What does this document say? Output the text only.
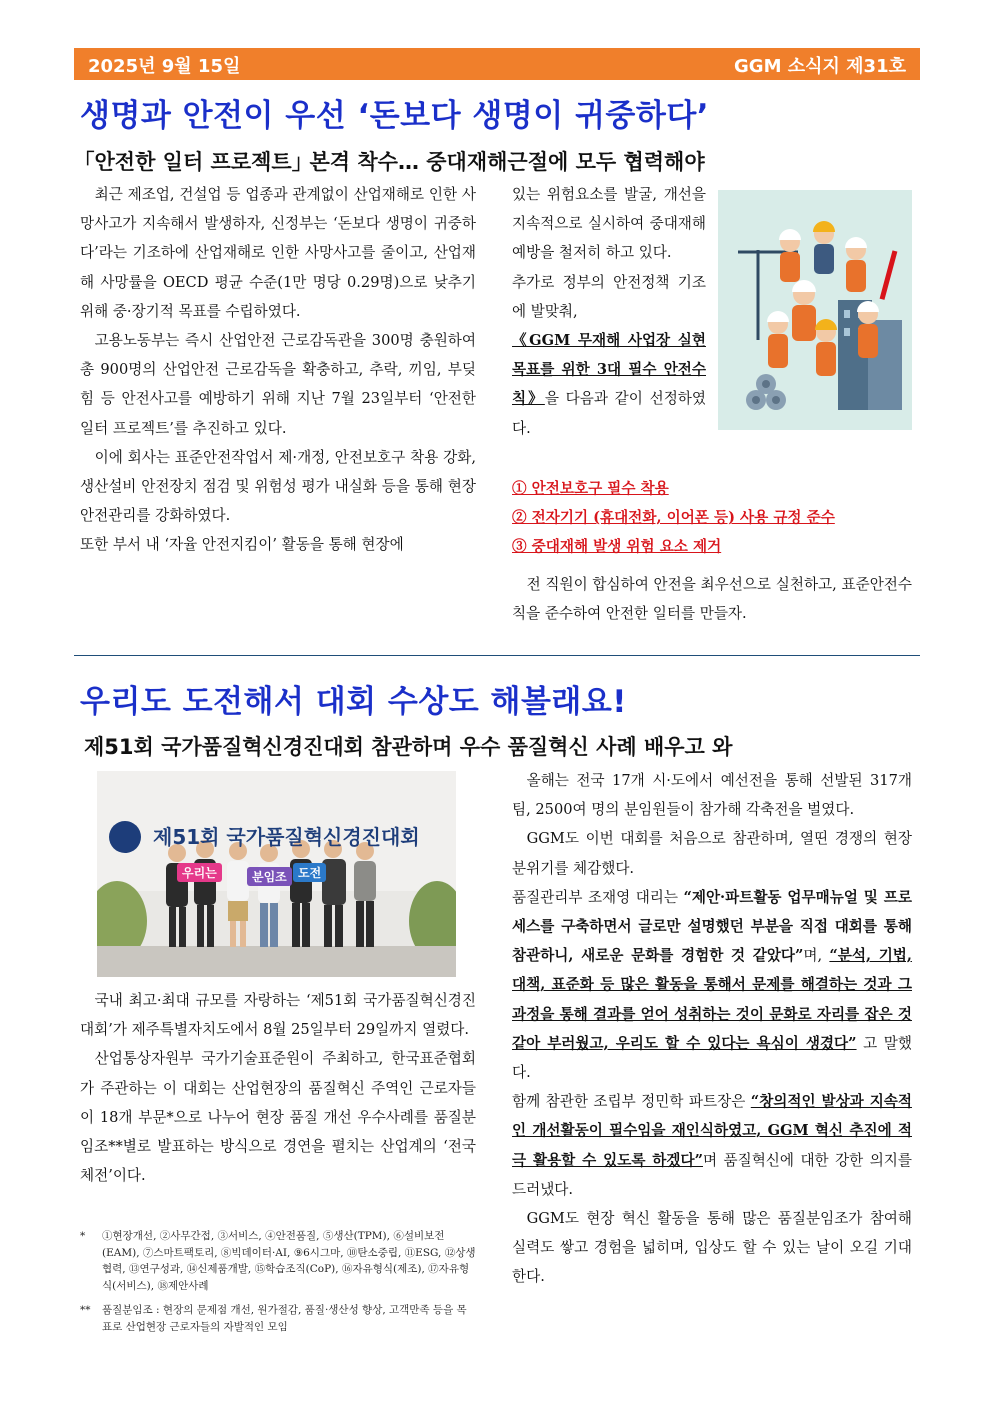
2025년 9월 15일	GGM 소식지 제31호
생명과 안전이 우선 ‘돈보다 생명이 귀중하다’
｢안전한 일터 프로젝트｣ 본격 착수… 중대재해근절에 모두 협력해야

최근 제조업, 건설업 등 업종과 관계없이 산업재해로 인한 사망사고가 지속해서 발생하자, 신정부는 ‘돈보다 생명이 귀중하다’라는 기조하에 산업재해로 인한 사망사고를 줄이고, 산업재해 사망률을 OECD 평균 수준(1만 명당 0.29명)으로 낮추기 위해 중·장기적 목표를 수립하였다.

고용노동부는 즉시 산업안전 근로감독관을 300명 충원하여 총 900명의 산업안전 근로감독을 확충하고, 추락, 끼임, 부딪힘 등 안전사고를 예방하기 위해 지난 7월 23일부터 ‘안전한 일터 프로젝트’를 추진하고 있다.

이에 회사는 표준안전작업서 제·개정, 안전보호구 착용 강화, 생산설비 안전장치 점검 및 위험성 평가 내실화 등을 통해 현장 안전관리를 강화하였다.

또한 부서 내 ‘자율 안전지킴이’ 활동을 통해 현장에

있는 위험요소를 발굴, 개선을 지속적으로 실시하여 중대재해 예방을 철저히 하고 있다.

추가로 정부의 안전정책 기조에 발맞춰,

《GGM 무재해 사업장 실현 목표를 위한 3대 필수 안전수칙》을 다음과 같이 선정하였다.

① 안전보호구 필수 착용

② 전자기기 (휴대전화, 이어폰 등) 사용 규정 준수

③ 중대재해 발생 위험 요소 제거

전 직원이 합심하여 안전을 최우선으로 실천하고, 표준안전수칙을 준수하여 안전한 일터를 만들자.

우리도 도전해서 대회 수상도 해볼래요!
제51회 국가품질혁신경진대회 참관하며 우수 품질혁신 사례 배우고 와
제51회 국가품질혁신경진대회
우리는	분임조 도전

국내 최고·최대 규모를 자랑하는 ‘제51회 국가품질혁신경진대회’가 제주특별자치도에서 8월 25일부터 29일까지 열렸다.

산업통상자원부 국가기술표준원이 주최하고, 한국표준협회가 주관하는 이 대회는 산업현장의 품질혁신 주역인 근로자들이 18개 부문*으로 나누어 현장 품질 개선 우수사례를 품질분임조**별로 발표하는 방식으로 경연을 펼치는 산업계의 ‘전국체전’이다.

*	①현장개선, ②사무간접, ③서비스, ④안전품질, ⑤생산(TPM), ⑥설비보전(EAM), ⑦스마트팩토리, ⑧빅데이터·AI, ⑨6시그마, ⑩탄소중립, ⑪ESG, ⑫상생협력, ⑬연구성과, ⑭신제품개발, ⑮학습조직(CoP), ⑯자유형식(제조), ⑰자유형식(서비스), ⑱제안사례
**	품질분임조 : 현장의 문제점 개선, 원가절감, 품질·생산성 향상, 고객만족 등을 목표로 산업현장 근로자들의 자발적인 모임

올해는 전국 17개 시·도에서 예선전을 통해 선발된 317개 팀, 2500여 명의 분임원들이 참가해 각축전을 벌였다.

GGM도 이번 대회를 처음으로 참관하며, 열띤 경쟁의 현장 분위기를 체감했다.

품질관리부 조재영 대리는 “제안·파트활동 업무매뉴얼 및 프로세스를 구축하면서 글로만 설명했던 부분을 직접 대회를 통해 참관하니, 새로운 문화를 경험한 것 같았다”며, “분석, 기법, 대책, 표준화 등 많은 활동을 통해서 문제를 해결하는 것과 그 과정을 통해 결과를 얻어 성취하는 것이 문화로 자리를 잡은 것 같아 부러웠고, 우리도 할 수 있다는 욕심이 생겼다” 고 말했다.

함께 참관한 조립부 정민학 파트장은 “창의적인 발상과 지속적인 개선활동이 필수임을 재인식하였고, GGM 혁신 추진에 적극 활용할 수 있도록 하겠다”며 품질혁신에 대한 강한 의지를 드러냈다.

GGM도 현장 혁신 활동을 통해 많은 품질분임조가 참여해 실력도 쌓고 경험을 넓히며, 입상도 할 수 있는 날이 오길 기대한다.
